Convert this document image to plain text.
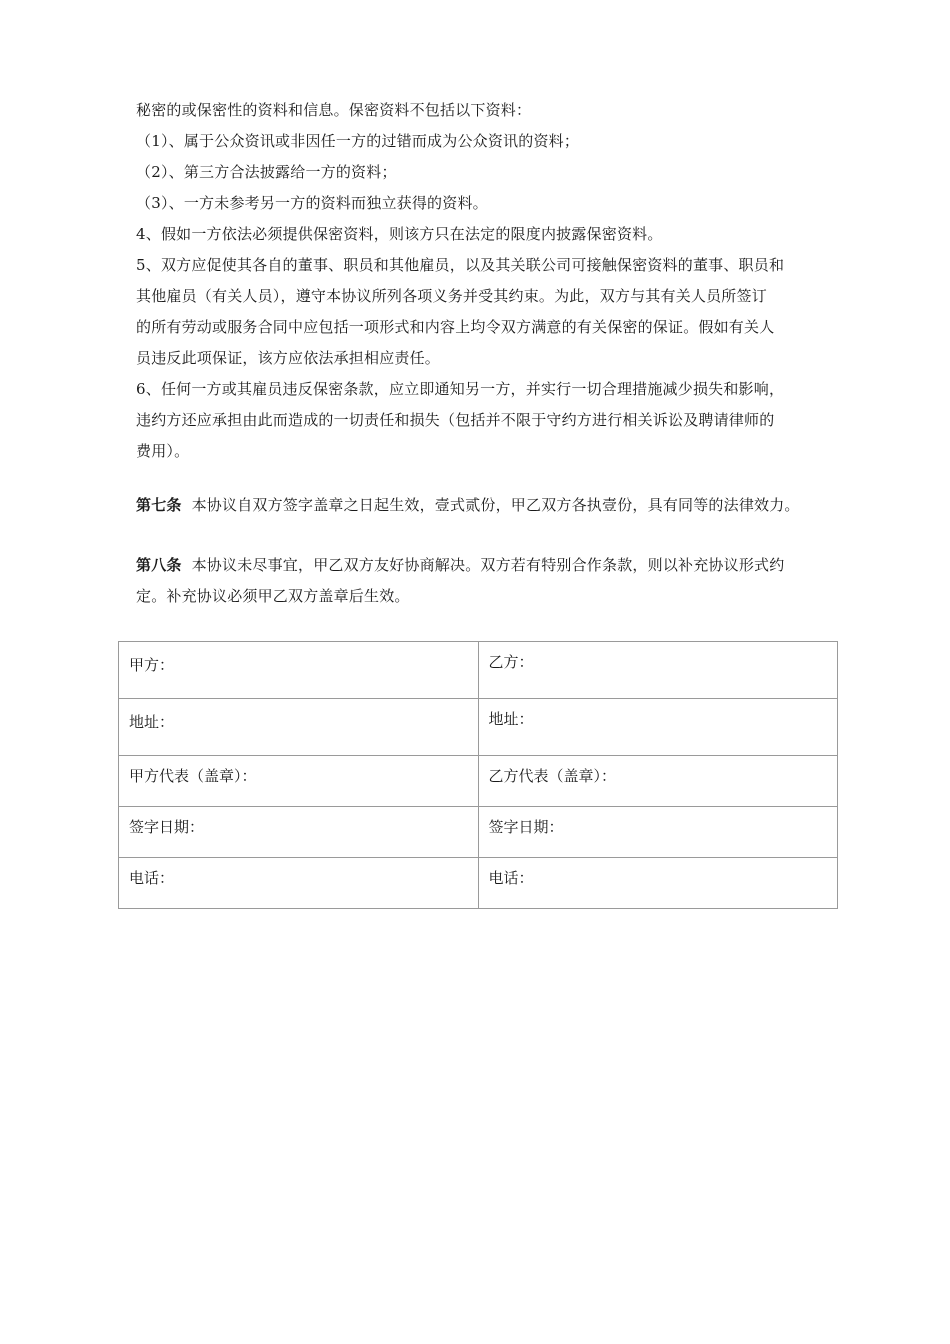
秘密的或保密性的资料和信息。保密资料不包括以下资料：
（1）、属于公众资讯或非因任一方的过错而成为公众资讯的资料；
（2）、第三方合法披露给一方的资料；
（3）、一方未参考另一方的资料而独立获得的资料。
4、假如一方依法必须提供保密资料，则该方只在法定的限度内披露保密资料。
5、双方应促使其各自的董事、职员和其他雇员，以及其关联公司可接触保密资料的董事、职员和
其他雇员（有关人员），遵守本协议所列各项义务并受其约束。为此，双方与其有关人员所签订
的所有劳动或服务合同中应包括一项形式和内容上均令双方满意的有关保密的保证。假如有关人
员违反此项保证，该方应依法承担相应责任。
6、任何一方或其雇员违反保密条款，应立即通知另一方，并实行一切合理措施减少损失和影响，
违约方还应承担由此而造成的一切责任和损失（包括并不限于守约方进行相关诉讼及聘请律师的
费用）。
第七条 本协议自双方签字盖章之日起生效，壹式贰份，甲乙双方各执壹份，具有同等的法律效力。
第八条 本协议未尽事宜，甲乙双方友好协商解决。双方若有特别合作条款，则以补充协议形式约
定。补充协议必须甲乙双方盖章后生效。
甲方：	乙方：
地址：	地址：
甲方代表（盖章）：	乙方代表（盖章）：
签字日期：	签字日期：
电话：	电话：
